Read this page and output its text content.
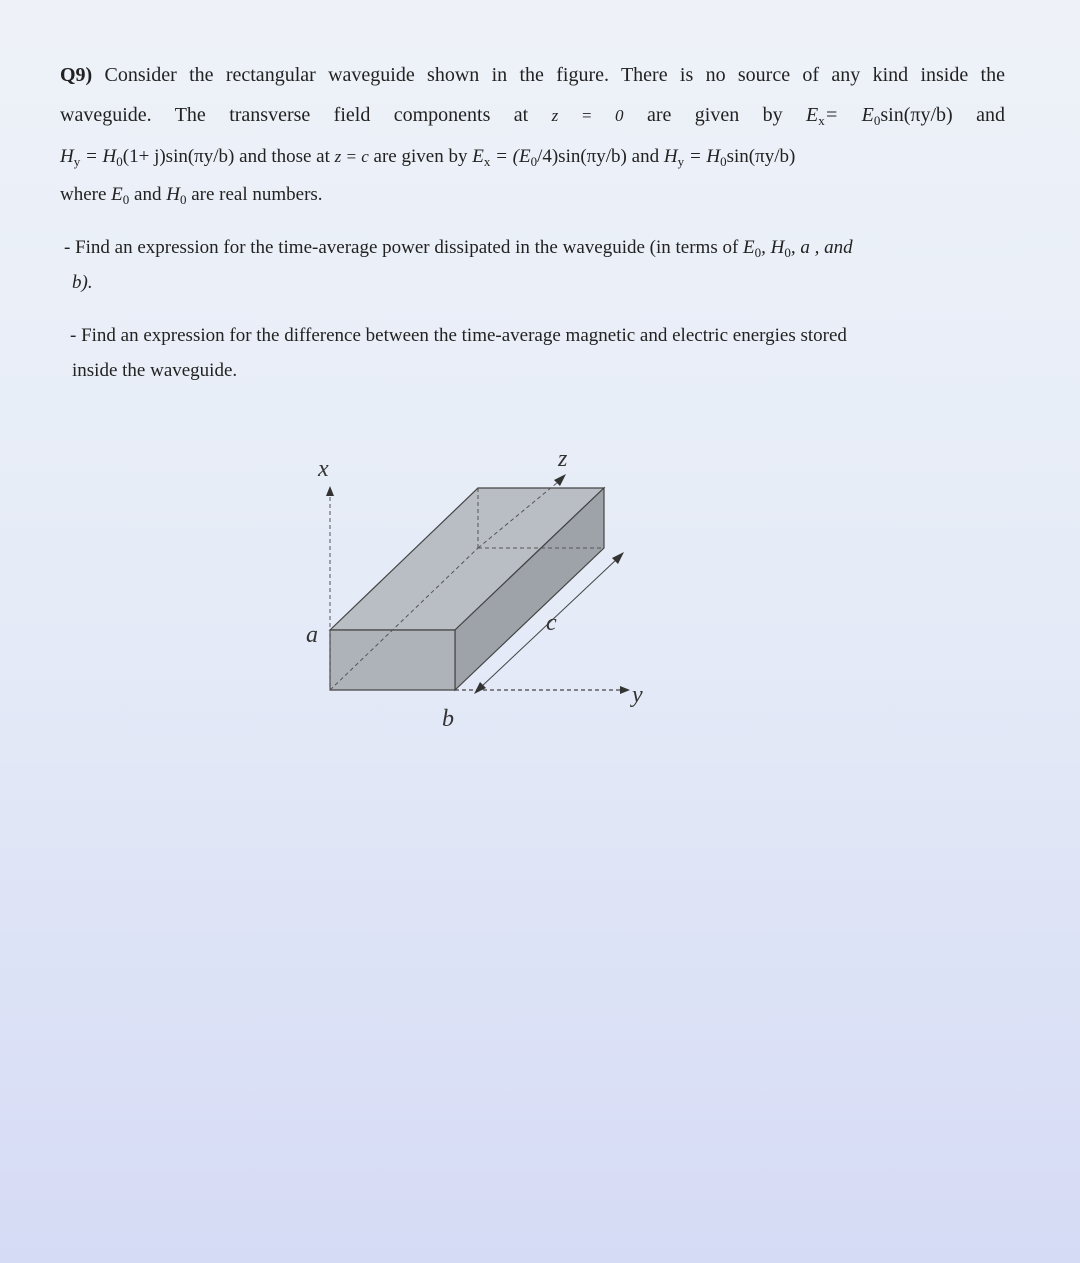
Q9) Consider the rectangular waveguide shown in the figure. There is no source of any kind inside the
waveguide. The transverse field components at z = 0 are given by $E_x= E_0\sin(\pi y/b)$ and
$H_y = H_0(1+ j)\sin(\pi y/b)$ and those at z = c are given by $E_x = (E_0/4)\sin(\pi y/b)$ and $H_y = H_0\sin(\pi y/b)$
where $E_0$ and $H_0$ are real numbers.
- Find an expression for the time-average power dissipated in the waveguide (in terms of $E_0$, $H_0$, a , and
b).
- Find an expression for the difference between the time-average magnetic and electric energies stored
inside the waveguide.
x	z
a	c
y
b
